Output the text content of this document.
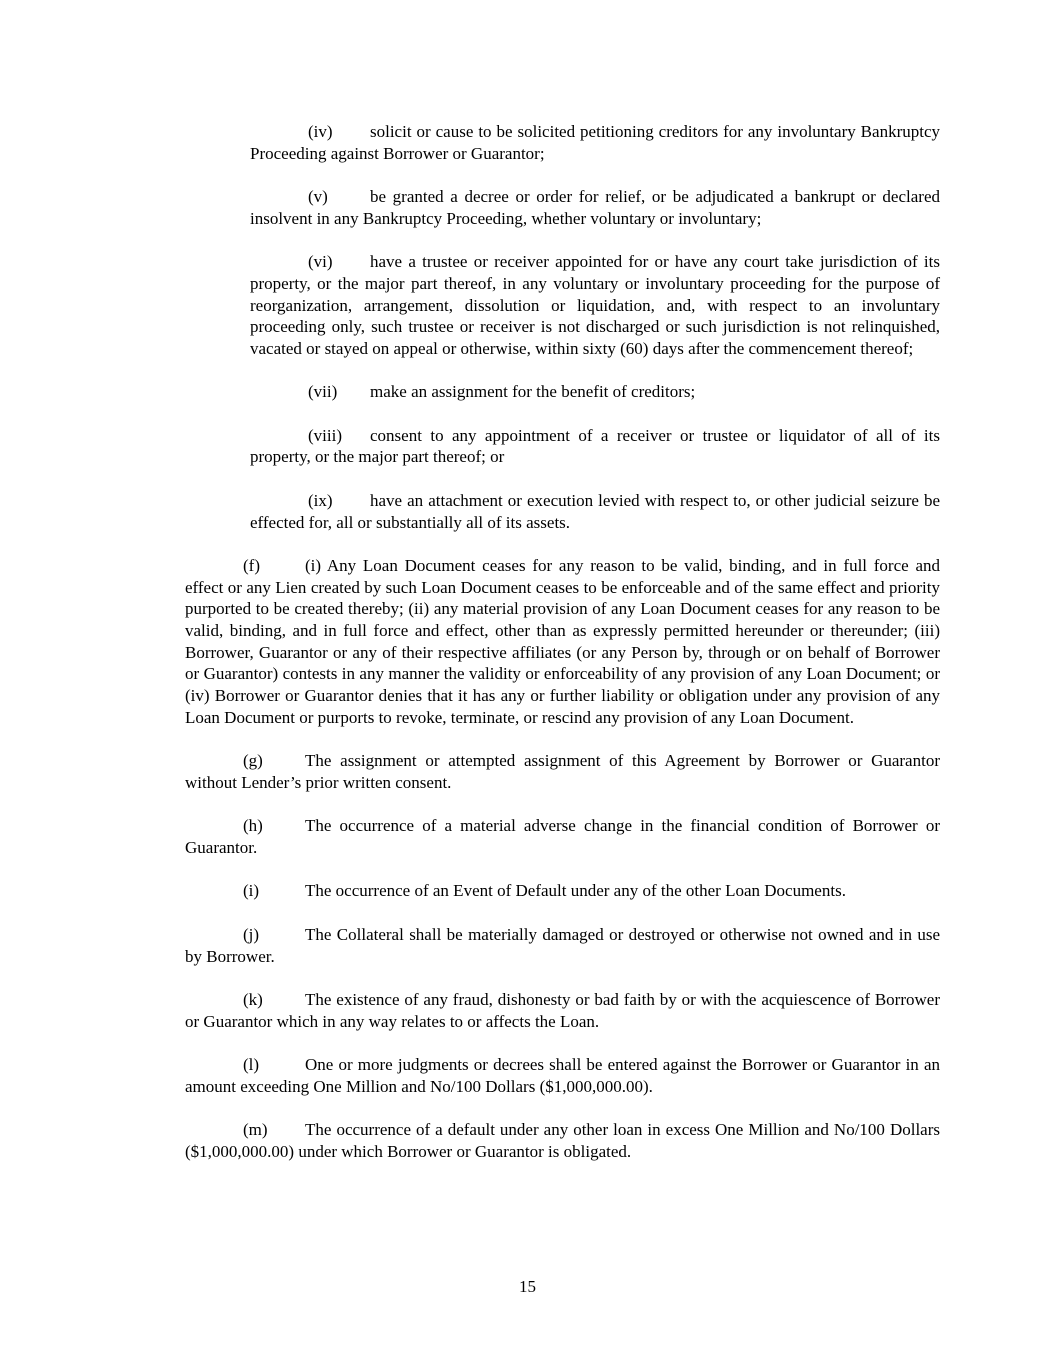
(iv) solicit or cause to be solicited petitioning creditors for any involuntary Bankruptcy Proceeding against Borrower or Guarantor;

(v) be granted a decree or order for relief, or be adjudicated a bankrupt or declared insolvent in any Bankruptcy Proceeding, whether voluntary or involuntary;

(vi) have a trustee or receiver appointed for or have any court take jurisdiction of its property, or the major part thereof, in any voluntary or involuntary proceeding for the purpose of reorganization, arrangement, dissolution or liquidation, and, with respect to an involuntary proceeding only, such trustee or receiver is not discharged or such jurisdiction is not relinquished, vacated or stayed on appeal or otherwise, within sixty (60) days after the commencement thereof;

(vii) make an assignment for the benefit of creditors;

(viii) consent to any appointment of a receiver or trustee or liquidator of all of its property, or the major part thereof; or

(ix) have an attachment or execution levied with respect to, or other judicial seizure be effected for, all or substantially all of its assets.

(f)	(i) Any Loan Document ceases for any reason to be valid, binding, and in full force and effect or any Lien created by such Loan Document ceases to be enforceable and of the same effect and priority purported to be created thereby; (ii) any material provision of any Loan Document ceases for any reason to be valid, binding, and in full force and effect, other than as expressly permitted hereunder or thereunder; (iii) Borrower, Guarantor or any of their respective affiliates (or any Person by, through or on behalf of Borrower or Guarantor) contests in any manner the validity or enforceability of any provision of any Loan Document; or (iv) Borrower or Guarantor denies that it has any or further liability or obligation under any provision of any Loan Document or purports to revoke, terminate, or rescind any provision of any Loan Document.

(g) The assignment or attempted assignment of this Agreement by Borrower or Guarantor without Lender’s prior written consent.

(h) The occurrence of a material adverse change in the financial condition of Borrower or Guarantor.

(i)	The occurrence of an Event of Default under any of the other Loan Documents.

(j)	The Collateral shall be materially damaged or destroyed or otherwise not owned and in use by Borrower.

(k) The existence of any fraud, dishonesty or bad faith by or with the acquiescence of Borrower or Guarantor which in any way relates to or affects the Loan.

(l)	One or more judgments or decrees shall be entered against the Borrower or Guarantor in an amount exceeding One Million and No/100 Dollars ($1,000,000.00).

(m) The occurrence of a default under any other loan in excess One Million and No/100 Dollars ($1,000,000.00) under which Borrower or Guarantor is obligated.

15
